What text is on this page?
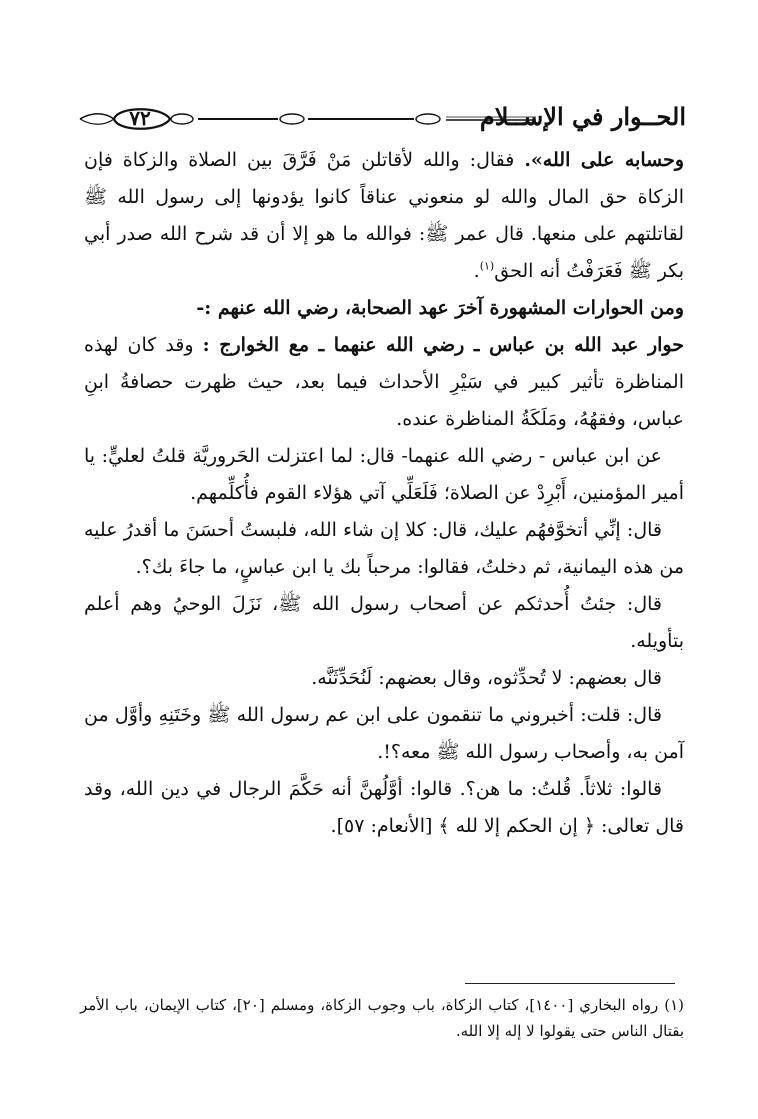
الحــوار في الإســلام
٧٢

وحسابه على الله». فقال: والله لأقاتلن مَنْ فَرَّقَ بين الصلاة والزكاة فإن الزكاة حق المال والله لو منعوني عناقاً كانوا يؤدونها إلى رسول الله ﷺ لقاتلتهم على منعها. قال عمر ﷺ: فوالله ما هو إلا أن قد شرح الله صدر أبي بكر ﷺ فَعَرَفْتُ أنه الحق$^{(١)}$.

ومن الحوارات المشهورة آخرَ عهد الصحابة، رضي الله عنهم :-

حوار عبد الله بن عباس ـ رضي الله عنهما ـ مع الخوارج : وقد كان لهذه المناظرة تأثير كبير في سَيْرِ الأحداث فيما بعد، حيث ظهرت حصافةُ ابنِ عباس، وفقهُهُ، ومَلَكَةُ المناظرة عنده.

عن ابن عباس - رضي الله عنهما- قال: لما اعتزلت الحَروريَّة قلتُ لعليٍّ: يا أمير المؤمنين، أَبْرِدْ عن الصلاة؛ فَلَعَلِّي آتي هؤلاء القوم فأُكلِّمهم.

قال: إنِّي أتخوَّفهُم عليك، قال: كلا إن شاء الله، فلبستُ أحسَنَ ما أقدرُ عليه من هذه اليمانية، ثم دخلتُ، فقالوا: مرحباً بك يا ابن عباسٍ، ما جاءَ بك؟.

قال: جئتُ أُحدثكم عن أصحاب رسول الله ﷺ، نَزَلَ الوحيُ وهم أعلم بتأويله.

قال بعضهم: لا تُحدِّثوه، وقال بعضهم: لَنُحَدِّثَنَّه.

قال: قلت: أخبروني ما تنقمون على ابن عم رسول الله ﷺ وخَتَنِهِ وأوَّل من آمن به، وأصحاب رسول الله ﷺ معه؟!.

قالوا: ثلاثاً. قُلتُ: ما هن؟. قالوا: أوَّلُهنَّ أنه حَكَّمَ الرجال في دين الله، وقد قال تعالى: ﴿ إن الحكم إلا لله ﴾ [الأنعام: ٥٧].

(١) رواه البخاري [١٤٠٠]، كتاب الزكاة، باب وجوب الزكاة، ومسلم [٢٠]، كتاب الإيمان، باب الأمر بقتال الناس حتى يقولوا لا إله إلا الله.
